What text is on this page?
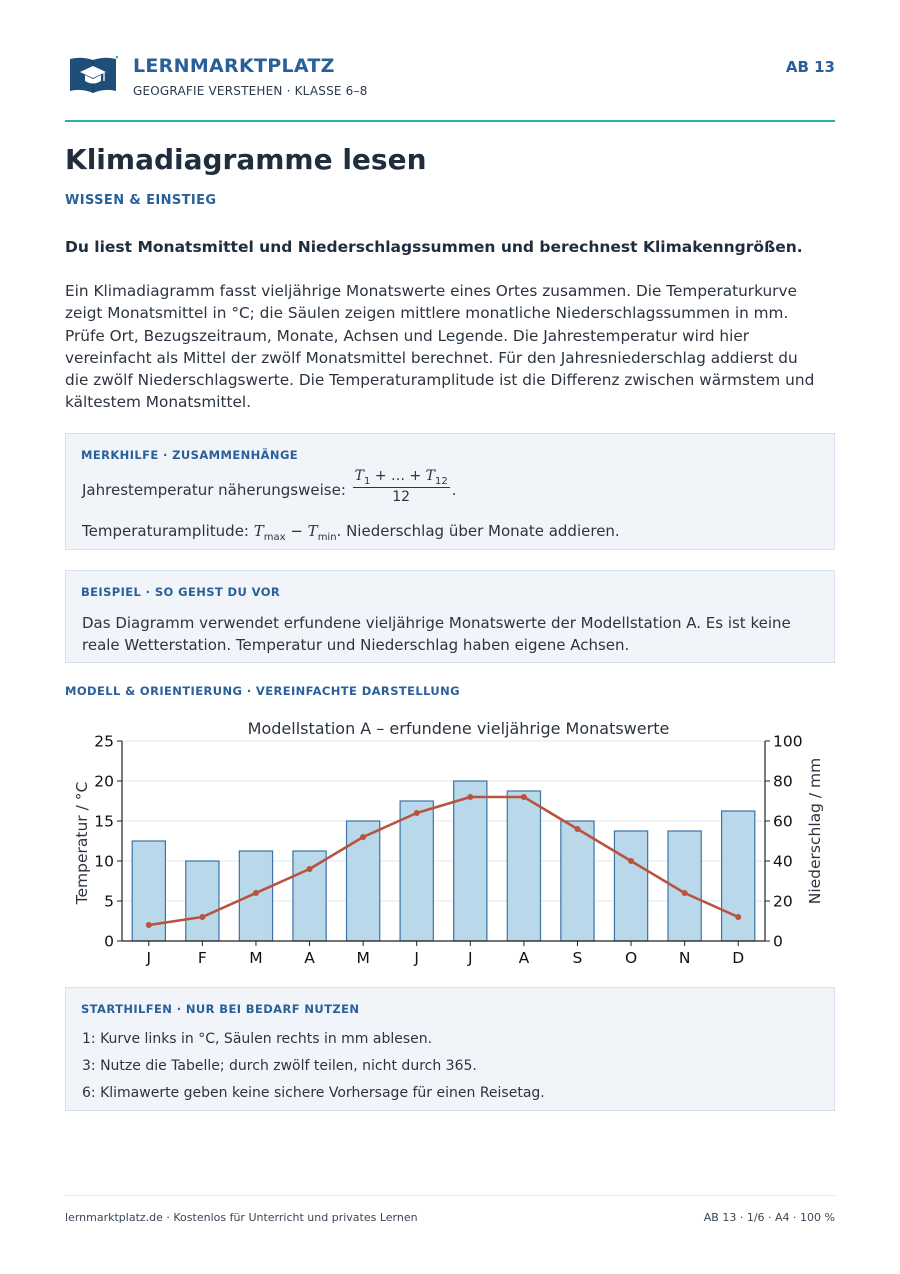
LERNMARKTPLATZ
GEOGRAFIE VERSTEHEN · KLASSE 6–8
AB 13
Klimadiagramme lesen
WISSEN & EINSTIEG
Du liest Monatsmittel und Niederschlagssummen und berechnest Klimakenngrößen.
Ein Klimadiagramm fasst vieljährige Monatswerte eines Ortes zusammen. Die Temperaturkurve
zeigt Monatsmittel in °C; die Säulen zeigen mittlere monatliche Niederschlagssummen in mm.
Prüfe Ort, Bezugszeitraum, Monate, Achsen und Legende. Die Jahrestemperatur wird hier
vereinfacht als Mittel der zwölf Monatsmittel berechnet. Für den Jahresniederschlag addierst du
die zwölf Niederschlagswerte. Die Temperaturamplitude ist die Differenz zwischen wärmstem und
kältestem Monatsmittel.
MERKHILFE · ZUSAMMENHÄNGE
Jahrestemperatur näherungsweise: $\frac{T_1 + \dots + T_{12}}{12}$ .
Temperaturamplitude: $T_{max} - T_{min}$. Niederschlag über Monate addieren.
BEISPIEL · SO GEHST DU VOR
Das Diagramm verwendet erfundene vieljährige Monatswerte der Modellstation A. Es ist keine
reale Wetterstation. Temperatur und Niederschlag haben eigene Achsen.
MODELL & ORIENTIERUNG · VEREINFACHTE DARSTELLUNG
0
5
10
15
20
25
0
20
40
60
80
100
J	F	M	A	M	J	J	A	S	O	N	D
Modellstation A – erfundene vieljährige Monatswerte
Temperatur / °C	Niederschlag / mm
STARTHILFEN · NUR BEI BEDARF NUTZEN
1: Kurve links in °C, Säulen rechts in mm ablesen.
3: Nutze die Tabelle; durch zwölf teilen, nicht durch 365.
6: Klimawerte geben keine sichere Vorhersage für einen Reisetag.
lernmarktplatz.de · Kostenlos für Unterricht und privates Lernen	AB 13 · 1/6 · A4 · 100 %
